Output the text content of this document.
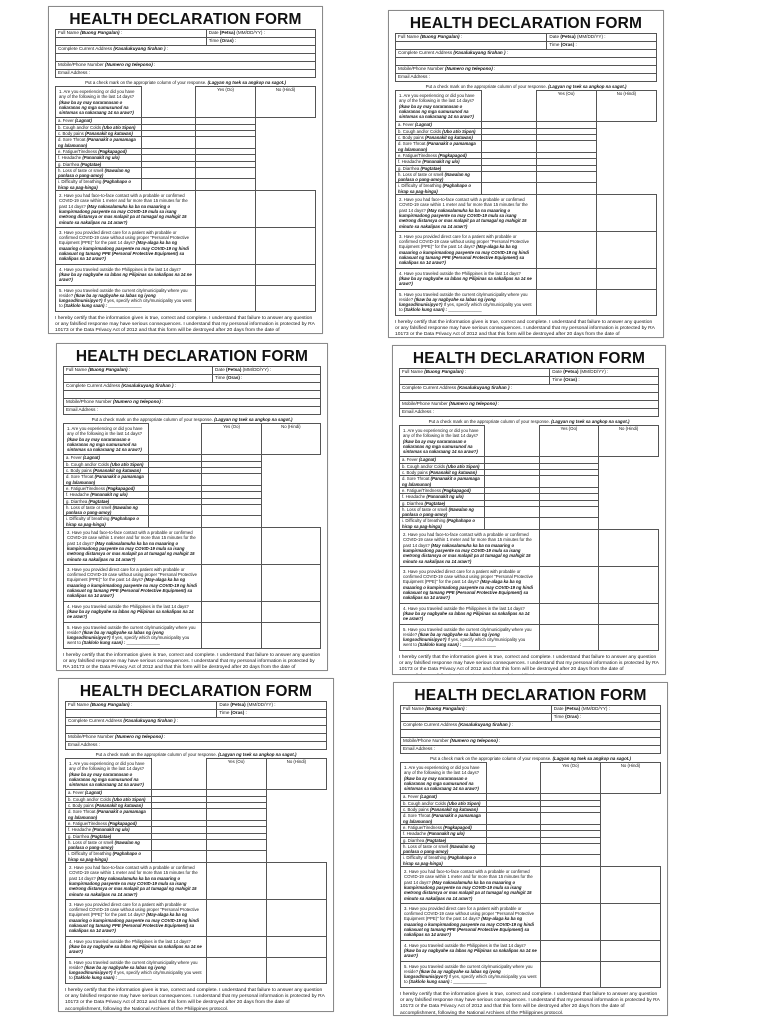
HEALTH DECLARATION FORM
Full Name (Buong Pangalan) :	Date (Petsa) (MM/DD/YY) :
	Time (Oras) :
Complete Current Address (Kasalukuyang tirahan ) :	

Mobile/Phone Number (Numero ng telepono) :	
Email Address :	
Put a check mark on the appropriate column of your response. (Lagyan ng tsek sa angkop na sagot.)
1. Are you experiencing or did you have any of the following in the last 14 days? (Ikaw ba ay may nararanasan o nakaranas ng mga sumusunod na sintomas sa nakaraang 14 na araw?)		Yes (Oo)	No (Hindi)
a. Fever (Lagnat)			
b. Cough and/or Colds (Ubo at/o Sipon)			
c. Body pains (Pananakit ng katawan)			
d. Sore Throat (Pananakit o pamamaga ng lalamunan)			
e. Fatigue/Tiredness (Pagkapagod)			
f. Headache (Pananakit ng ulo)			
g. Diarrhea (Pagtatae)			
h. Loss of taste or smell (Nawalan ng panlasa o pang-amoy)			
i. Difficulty of breathing (Paghahapo o hirap sa pag-hinga)			
2. Have you had face-to-face contact with a probable or confirmed COVID-19 case within 1 meter and for more than 15 minutes for the past 14 days? (May nakasalamuha ka ba na maaaring o kumpirmadong pasyente na may COVID-19 mula sa isang metrong distansya or mas malapit pa at tumagal ng mahigit 15 minuto sa nakalipas na 14 araw?)			
3. Have you provided direct care for a patient with probable or confirmed COVID-19 case without using proper "Personal Protective Equipment (PPE)" for the past 14 days? (May-alaga ka ba ng maaaring o kumpirmadong pasyente na may COVID-19 ng hindi nakasuot ng tamang PPE (Personal Protective Equipment) sa nakalipas na 14 araw?)			
4. Have you traveled outside the Philippines in the last 14 days? (Ikaw ba ay nagbyahe sa labas ng Pilipinas sa nakalipas na 14 ne araw?)			
5. Have you traveled outside the current city/municipality where you reside? (Ikaw ba ay nagbyahe sa labas ng iyong lungsod/munisipyo?) If yes, specify which city/municipality you went to (Saklolo kung saan) : ______________			
I hereby certify that the information given is true, correct and complete. I understand that failure to answer any question or any falsified response may have serious consequences. I understand that my personal information is protected by RA 10173 or the Data Privacy Act of 2012 and that this form will be destroyed after 20 days from the date of
HEALTH DECLARATION FORM
Full Name (Buong Pangalan) :	Date (Petsa) (MM/DD/YY) :
	Time (Oras) :
Complete Current Address (Kasalukuyang tirahan ) :	

Mobile/Phone Number (Numero ng telepono) :	
Email Address :	
Put a check mark on the appropriate column of your response. (Lagyan ng tsek sa angkop na sagot.)
1. Are you experiencing or did you have any of the following in the last 14 days? (Ikaw ba ay may nararanasan o nakaranas ng mga sumusunod na sintomas sa nakaraang 14 na araw?)		Yes (Oo)	No (Hindi)
a. Fever (Lagnat)			
b. Cough and/or Colds (Ubo at/o Sipon)			
c. Body pains (Pananakit ng katawan)			
d. Sore Throat (Pananakit o pamamaga ng lalamunan)			
e. Fatigue/Tiredness (Pagkapagod)			
f. Headache (Pananakit ng ulo)			
g. Diarrhea (Pagtatae)			
h. Loss of taste or smell (Nawalan ng panlasa o pang-amoy)			
i. Difficulty of breathing (Paghahapo o hirap sa pag-hinga)			
2. Have you had face-to-face contact with a probable or confirmed COVID-19 case within 1 meter and for more than 15 minutes for the past 14 days? (May nakasalamuha ka ba na maaaring o kumpirmadong pasyente na may COVID-19 mula sa isang metrong distansya or mas malapit pa at tumagal ng mahigit 15 minuto sa nakalipas na 14 araw?)			
3. Have you provided direct care for a patient with probable or confirmed COVID-19 case without using proper "Personal Protective Equipment (PPE)" for the past 14 days? (May-alaga ka ba ng maaaring o kumpirmadong pasyente na may COVID-19 ng hindi nakasuot ng tamang PPE (Personal Protective Equipment) sa nakalipas na 14 araw?)			
4. Have you traveled outside the Philippines in the last 14 days? (Ikaw ba ay nagbyahe sa labas ng Pilipinas sa nakalipas na 14 ne araw?)			
5. Have you traveled outside the current city/municipality where you reside? (Ikaw ba ay nagbyahe sa labas ng iyong lungsod/munisipyo?) If yes, specify which city/municipality you went to (Saklolo kung saan) : ______________			
I hereby certify that the information given is true, correct and complete. I understand that failure to answer any question or any falsified response may have serious consequences. I understand that my personal information is protected by RA 10173 or the Data Privacy Act of 2012 and that this form will be destroyed after 20 days from the date of
HEALTH DECLARATION FORM
Full Name (Buong Pangalan) :	Date (Petsa) (MM/DD/YY) :
	Time (Oras) :
Complete Current Address (Kasalukuyang tirahan ) :	

Mobile/Phone Number (Numero ng telepono) :	
Email Address :	
Put a check mark on the appropriate column of your response. (Lagyan ng tsek sa angkop na sagot.)
1. Are you experiencing or did you have any of the following in the last 14 days? (Ikaw ba ay may nararanasan o nakaranas ng mga sumusunod na sintomas sa nakaraang 14 na araw?)		Yes (Oo)	No (Hindi)
a. Fever (Lagnat)			
b. Cough and/or Colds (Ubo at/o Sipon)			
c. Body pains (Pananakit ng katawan)			
d. Sore Throat (Pananakit o pamamaga ng lalamunan)			
e. Fatigue/Tiredness (Pagkapagod)			
f. Headache (Pananakit ng ulo)			
g. Diarrhea (Pagtatae)			
h. Loss of taste or smell (Nawalan ng panlasa o pang-amoy)			
i. Difficulty of breathing (Paghahapo o hirap sa pag-hinga)			
2. Have you had face-to-face contact with a probable or confirmed COVID-19 case within 1 meter and for more than 15 minutes for the past 14 days? (May nakasalamuha ka ba na maaaring o kumpirmadong pasyente na may COVID-19 mula sa isang metrong distansya or mas malapit pa at tumagal ng mahigit 15 minuto sa nakalipas na 14 araw?)			
3. Have you provided direct care for a patient with probable or confirmed COVID-19 case without using proper "Personal Protective Equipment (PPE)" for the past 14 days? (May-alaga ka ba ng maaaring o kumpirmadong pasyente na may COVID-19 ng hindi nakasuot ng tamang PPE (Personal Protective Equipment) sa nakalipas na 14 araw?)			
4. Have you traveled outside the Philippines in the last 14 days? (Ikaw ba ay nagbyahe sa labas ng Pilipinas sa nakalipas na 14 ne araw?)			
5. Have you traveled outside the current city/municipality where you reside? (Ikaw ba ay nagbyahe sa labas ng iyong lungsod/munisipyo?) If yes, specify which city/municipality you went to (Saklolo kung saan) : ______________			
I hereby certify that the information given is true, correct and complete. I understand that failure to answer any question or any falsified response may have serious consequences. I understand that my personal information is protected by RA 10173 or the Data Privacy Act of 2012 and that this form will be destroyed after 20 days from the date of
HEALTH DECLARATION FORM
Full Name (Buong Pangalan) :	Date (Petsa) (MM/DD/YY) :
	Time (Oras) :
Complete Current Address (Kasalukuyang tirahan ) :	

Mobile/Phone Number (Numero ng telepono) :	
Email Address :	
Put a check mark on the appropriate column of your response. (Lagyan ng tsek sa angkop na sagot.)
1. Are you experiencing or did you have any of the following in the last 14 days? (Ikaw ba ay may nararanasan o nakaranas ng mga sumusunod na sintomas sa nakaraang 14 na araw?)		Yes (Oo)	No (Hindi)
a. Fever (Lagnat)			
b. Cough and/or Colds (Ubo at/o Sipon)			
c. Body pains (Pananakit ng katawan)			
d. Sore Throat (Pananakit o pamamaga ng lalamunan)			
e. Fatigue/Tiredness (Pagkapagod)			
f. Headache (Pananakit ng ulo)			
g. Diarrhea (Pagtatae)			
h. Loss of taste or smell (Nawalan ng panlasa o pang-amoy)			
i. Difficulty of breathing (Paghahapo o hirap sa pag-hinga)			
2. Have you had face-to-face contact with a probable or confirmed COVID-19 case within 1 meter and for more than 15 minutes for the past 14 days? (May nakasalamuha ka ba na maaaring o kumpirmadong pasyente na may COVID-19 mula sa isang metrong distansya or mas malapit pa at tumagal ng mahigit 15 minuto sa nakalipas na 14 araw?)			
3. Have you provided direct care for a patient with probable or confirmed COVID-19 case without using proper "Personal Protective Equipment (PPE)" for the past 14 days? (May-alaga ka ba ng maaaring o kumpirmadong pasyente na may COVID-19 ng hindi nakasuot ng tamang PPE (Personal Protective Equipment) sa nakalipas na 14 araw?)			
4. Have you traveled outside the Philippines in the last 14 days? (Ikaw ba ay nagbyahe sa labas ng Pilipinas sa nakalipas na 14 ne araw?)			
5. Have you traveled outside the current city/municipality where you reside? (Ikaw ba ay nagbyahe sa labas ng iyong lungsod/munisipyo?) If yes, specify which city/municipality you went to (Saklolo kung saan) : ______________			
I hereby certify that the information given is true, correct and complete. I understand that failure to answer any question or any falsified response may have serious consequences. I understand that my personal information is protected by RA 10173 or the Data Privacy Act of 2012 and that this form will be destroyed after 20 days from the date of
HEALTH DECLARATION FORM
Full Name (Buong Pangalan) :	Date (Petsa) (MM/DD/YY) :
	Time (Oras) :
Complete Current Address (Kasalukuyang tirahan ) :	

Mobile/Phone Number (Numero ng telepono) :	
Email Address :	
Put a check mark on the appropriate column of your response. (Lagyan ng tsek sa angkop na sagot.)
1. Are you experiencing or did you have any of the following in the last 14 days? (Ikaw ba ay may nararanasan o nakaranas ng mga sumusunod na sintomas sa nakaraang 14 na araw?)		Yes (Oo)	No (Hindi)
a. Fever (Lagnat)			
b. Cough and/or Colds (Ubo at/o Sipon)			
c. Body pains (Pananakit ng katawan)			
d. Sore Throat (Pananakit o pamamaga ng lalamunan)			
e. Fatigue/Tiredness (Pagkapagod)			
f. Headache (Pananakit ng ulo)			
g. Diarrhea (Pagtatae)			
h. Loss of taste or smell (Nawalan ng panlasa o pang-amoy)			
i. Difficulty of breathing (Paghahapo o hirap sa pag-hinga)			
2. Have you had face-to-face contact with a probable or confirmed COVID-19 case within 1 meter and for more than 15 minutes for the past 14 days? (May nakasalamuha ka ba na maaaring o kumpirmadong pasyente na may COVID-19 mula sa isang metrong distansya or mas malapit pa at tumagal ng mahigit 15 minuto sa nakalipas na 14 araw?)			
3. Have you provided direct care for a patient with probable or confirmed COVID-19 case without using proper "Personal Protective Equipment (PPE)" for the past 14 days? (May-alaga ka ba ng maaaring o kumpirmadong pasyente na may COVID-19 ng hindi nakasuot ng tamang PPE (Personal Protective Equipment) sa nakalipas na 14 araw?)			
4. Have you traveled outside the Philippines in the last 14 days? (Ikaw ba ay nagbyahe sa labas ng Pilipinas sa nakalipas na 14 ne araw?)			
5. Have you traveled outside the current city/municipality where you reside? (Ikaw ba ay nagbyahe sa labas ng iyong lungsod/munisipyo?) If yes, specify which city/municipality you went to (Saklolo kung saan) : ______________			
I hereby certify that the information given is true, correct and complete. I understand that failure to answer any question or any falsified response may have serious consequences. I understand that my personal information is protected by RA 10173 or the Data Privacy Act of 2012 and that this form will be destroyed after 20 days from the date of accomplishment, following the National Archives of the Philippines protocol.
HEALTH DECLARATION FORM
Full Name (Buong Pangalan) :	Date (Petsa) (MM/DD/YY) :
	Time (Oras) :
Complete Current Address (Kasalukuyang tirahan ) :	

Mobile/Phone Number (Numero ng telepono) :	
Email Address :	
Put a check mark on the appropriate column of your response. (Lagyan ng tsek sa angkop na sagot.)
1. Are you experiencing or did you have any of the following in the last 14 days? (Ikaw ba ay may nararanasan o nakaranas ng mga sumusunod na sintomas sa nakaraang 14 na araw?)		Yes (Oo)	No (Hindi)
a. Fever (Lagnat)			
b. Cough and/or Colds (Ubo at/o Sipon)			
c. Body pains (Pananakit ng katawan)			
d. Sore Throat (Pananakit o pamamaga ng lalamunan)			
e. Fatigue/Tiredness (Pagkapagod)			
f. Headache (Pananakit ng ulo)			
g. Diarrhea (Pagtatae)			
h. Loss of taste or smell (Nawalan ng panlasa o pang-amoy)			
i. Difficulty of breathing (Paghahapo o hirap sa pag-hinga)			
2. Have you had face-to-face contact with a probable or confirmed COVID-19 case within 1 meter and for more than 15 minutes for the past 14 days? (May nakasalamuha ka ba na maaaring o kumpirmadong pasyente na may COVID-19 mula sa isang metrong distansya or mas malapit pa at tumagal ng mahigit 15 minuto sa nakalipas na 14 araw?)			
3. Have you provided direct care for a patient with probable or confirmed COVID-19 case without using proper "Personal Protective Equipment (PPE)" for the past 14 days? (May-alaga ka ba ng maaaring o kumpirmadong pasyente na may COVID-19 ng hindi nakasuot ng tamang PPE (Personal Protective Equipment) sa nakalipas na 14 araw?)			
4. Have you traveled outside the Philippines in the last 14 days? (Ikaw ba ay nagbyahe sa labas ng Pilipinas sa nakalipas na 14 ne araw?)			
5. Have you traveled outside the current city/municipality where you reside? (Ikaw ba ay nagbyahe sa labas ng iyong lungsod/munisipyo?) If yes, specify which city/municipality you went to (Saklolo kung saan) : ______________			
I hereby certify that the information given is true, correct and complete. I understand that failure to answer any question or any falsified response may have serious consequences. I understand that my personal information is protected by RA 10173 or the Data Privacy Act of 2012 and that this form will be destroyed after 20 days from the date of accomplishment, following the National Archives of the Philippines protocol.
